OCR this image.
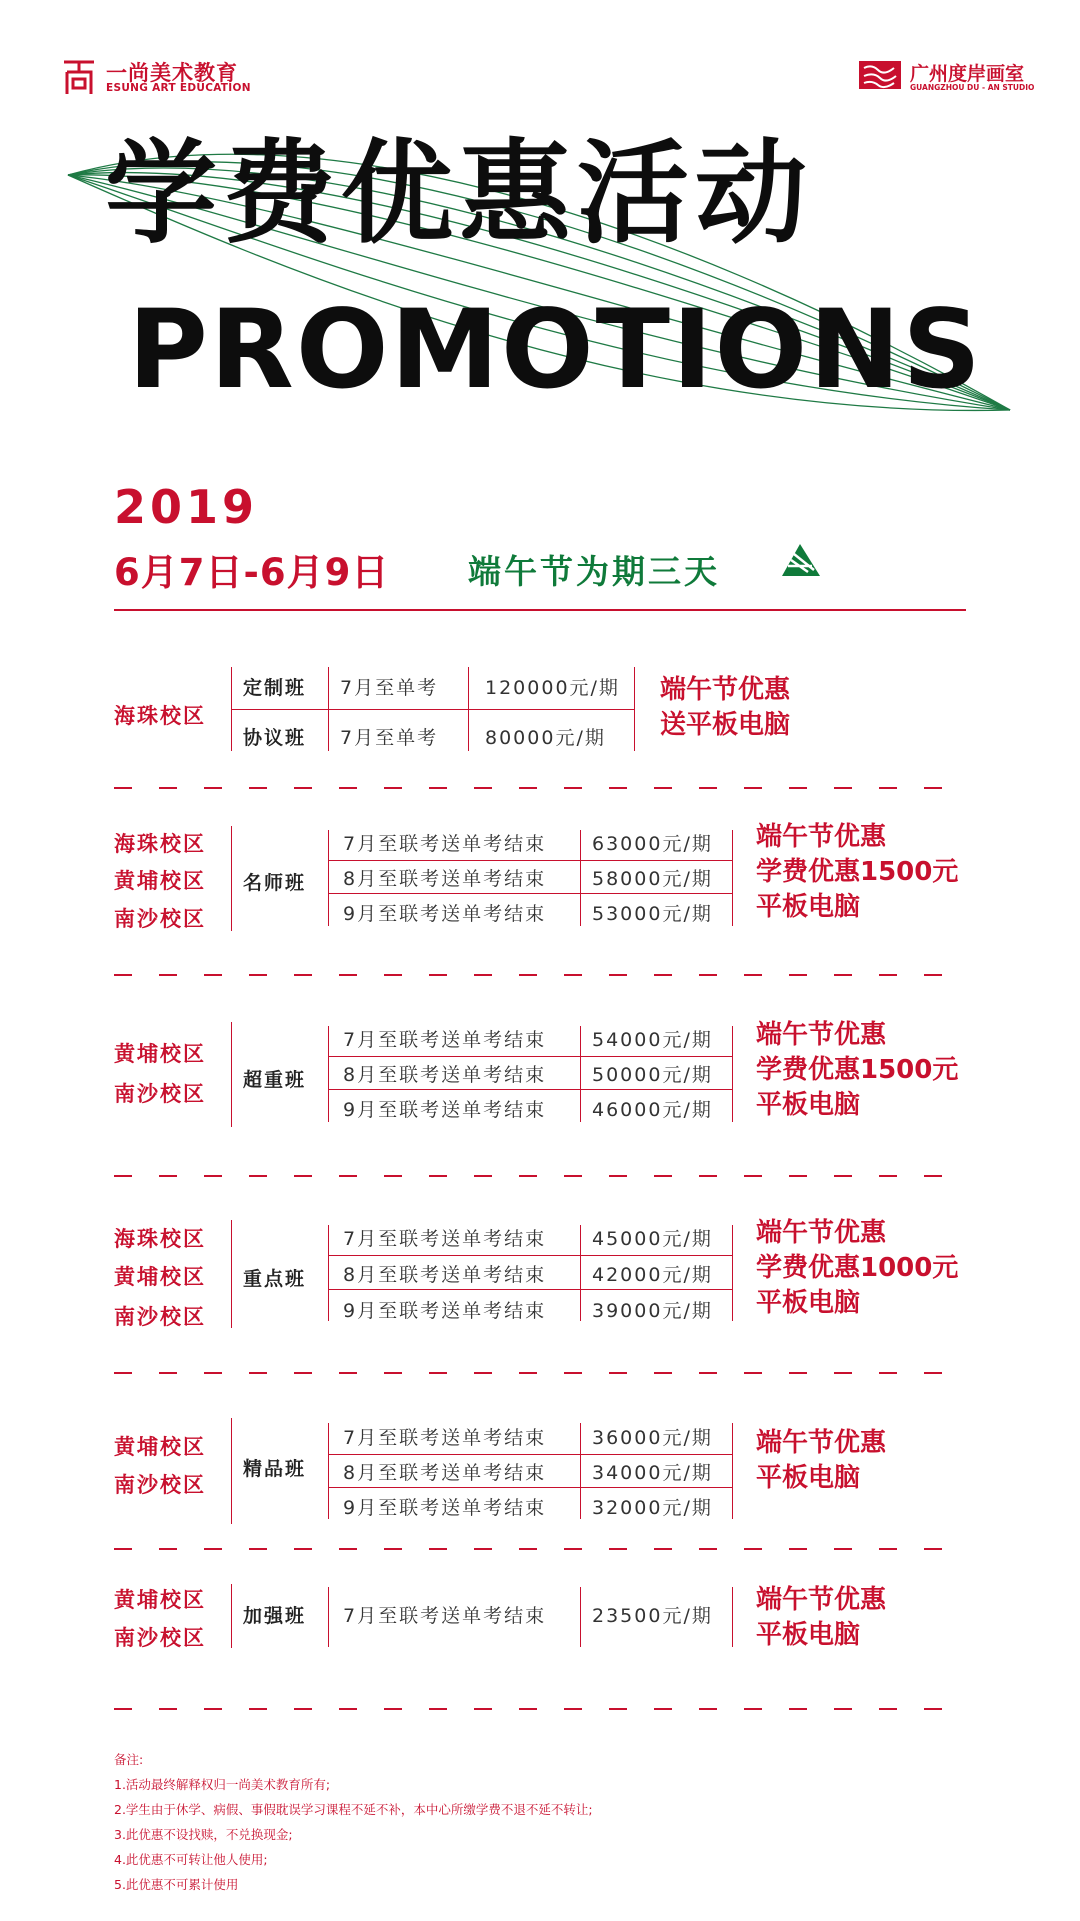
一尚美术教育
ESUNG ART EDUCATION
广州度岸画室
GUANGZHOU DU - AN STUDIO
学费优惠活动
PROMOTIONS
2019
6月7日-6月9日 端午节为期三天
海珠校区
定制班
协议班
7月至单考
7月至单考
120000元/期
80000元/期
端午节优惠
送平板电脑
海珠校区
黄埔校区
南沙校区
名师班
7月至联考送单考结束
8月至联考送单考结束
9月至联考送单考结束
63000元/期
58000元/期
53000元/期
端午节优惠
学费优惠1500元
平板电脑
黄埔校区
南沙校区
超重班
7月至联考送单考结束
8月至联考送单考结束
9月至联考送单考结束
54000元/期
50000元/期
46000元/期
端午节优惠
学费优惠1500元
平板电脑
海珠校区
黄埔校区
南沙校区
重点班
7月至联考送单考结束
8月至联考送单考结束
9月至联考送单考结束
45000元/期
42000元/期
39000元/期
端午节优惠
学费优惠1000元
平板电脑
黄埔校区
南沙校区
精品班
7月至联考送单考结束
8月至联考送单考结束
9月至联考送单考结束
36000元/期
34000元/期
32000元/期
端午节优惠
平板电脑
黄埔校区
南沙校区
加强班 7月至联考送单考结束 23500元/期
端午节优惠
平板电脑
备注:
1.活动最终解释权归一尚美术教育所有;
2.学生由于休学、病假、事假耽误学习课程不延不补，本中心所缴学费不退不延不转让;
3.此优惠不设找赎，不兑换现金;
4.此优惠不可转让他人使用;
5.此优惠不可累计使用
